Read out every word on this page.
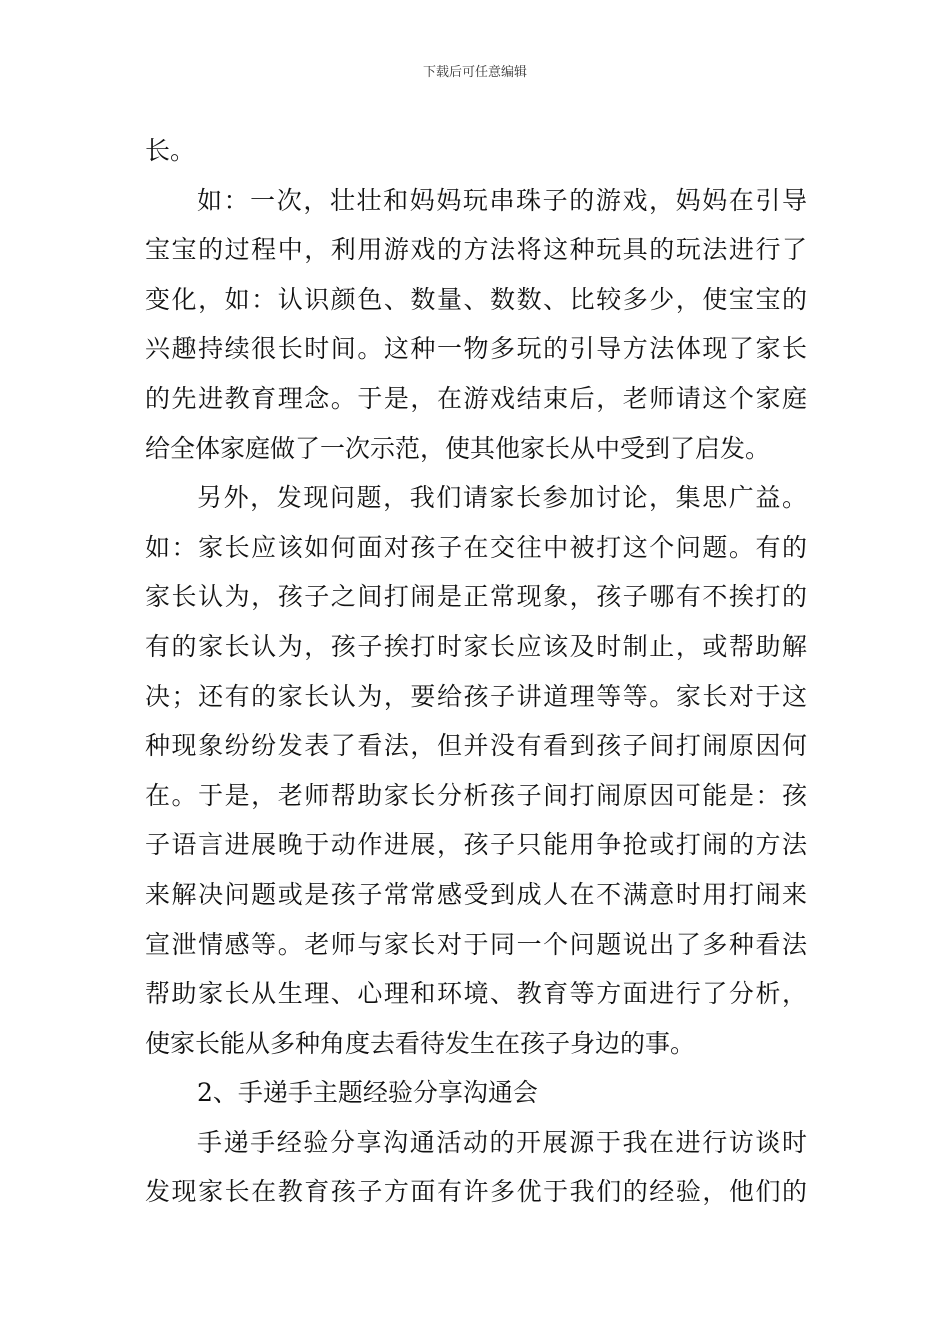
下载后可任意编辑
长。
如：一次，壮壮和妈妈玩串珠子的游戏，妈妈在引导
宝宝的过程中，利用游戏的方法将这种玩具的玩法进行了
变化，如：认识颜色、数量、数数、比较多少，使宝宝的
兴趣持续很长时间。这种一物多玩的引导方法体现了家长
的先进教育理念。于是，在游戏结束后，老师请这个家庭
给全体家庭做了一次示范，使其他家长从中受到了启发。
另外，发现问题，我们请家长参加讨论，集思广益。
如：家长应该如何面对孩子在交往中被打这个问题。有的
家长认为，孩子之间打闹是正常现象，孩子哪有不挨打的
有的家长认为，孩子挨打时家长应该及时制止，或帮助解
决；还有的家长认为，要给孩子讲道理等等。家长对于这
种现象纷纷发表了看法，但并没有看到孩子间打闹原因何
在。于是，老师帮助家长分析孩子间打闹原因可能是：孩
子语言进展晚于动作进展，孩子只能用争抢或打闹的方法
来解决问题或是孩子常常感受到成人在不满意时用打闹来
宣泄情感等。老师与家长对于同一个问题说出了多种看法
帮助家长从生理、心理和环境、教育等方面进行了分析，
使家长能从多种角度去看待发生在孩子身边的事。
2、手递手主题经验分享沟通会
手递手经验分享沟通活动的开展源于我在进行访谈时
发现家长在教育孩子方面有许多优于我们的经验，他们的
